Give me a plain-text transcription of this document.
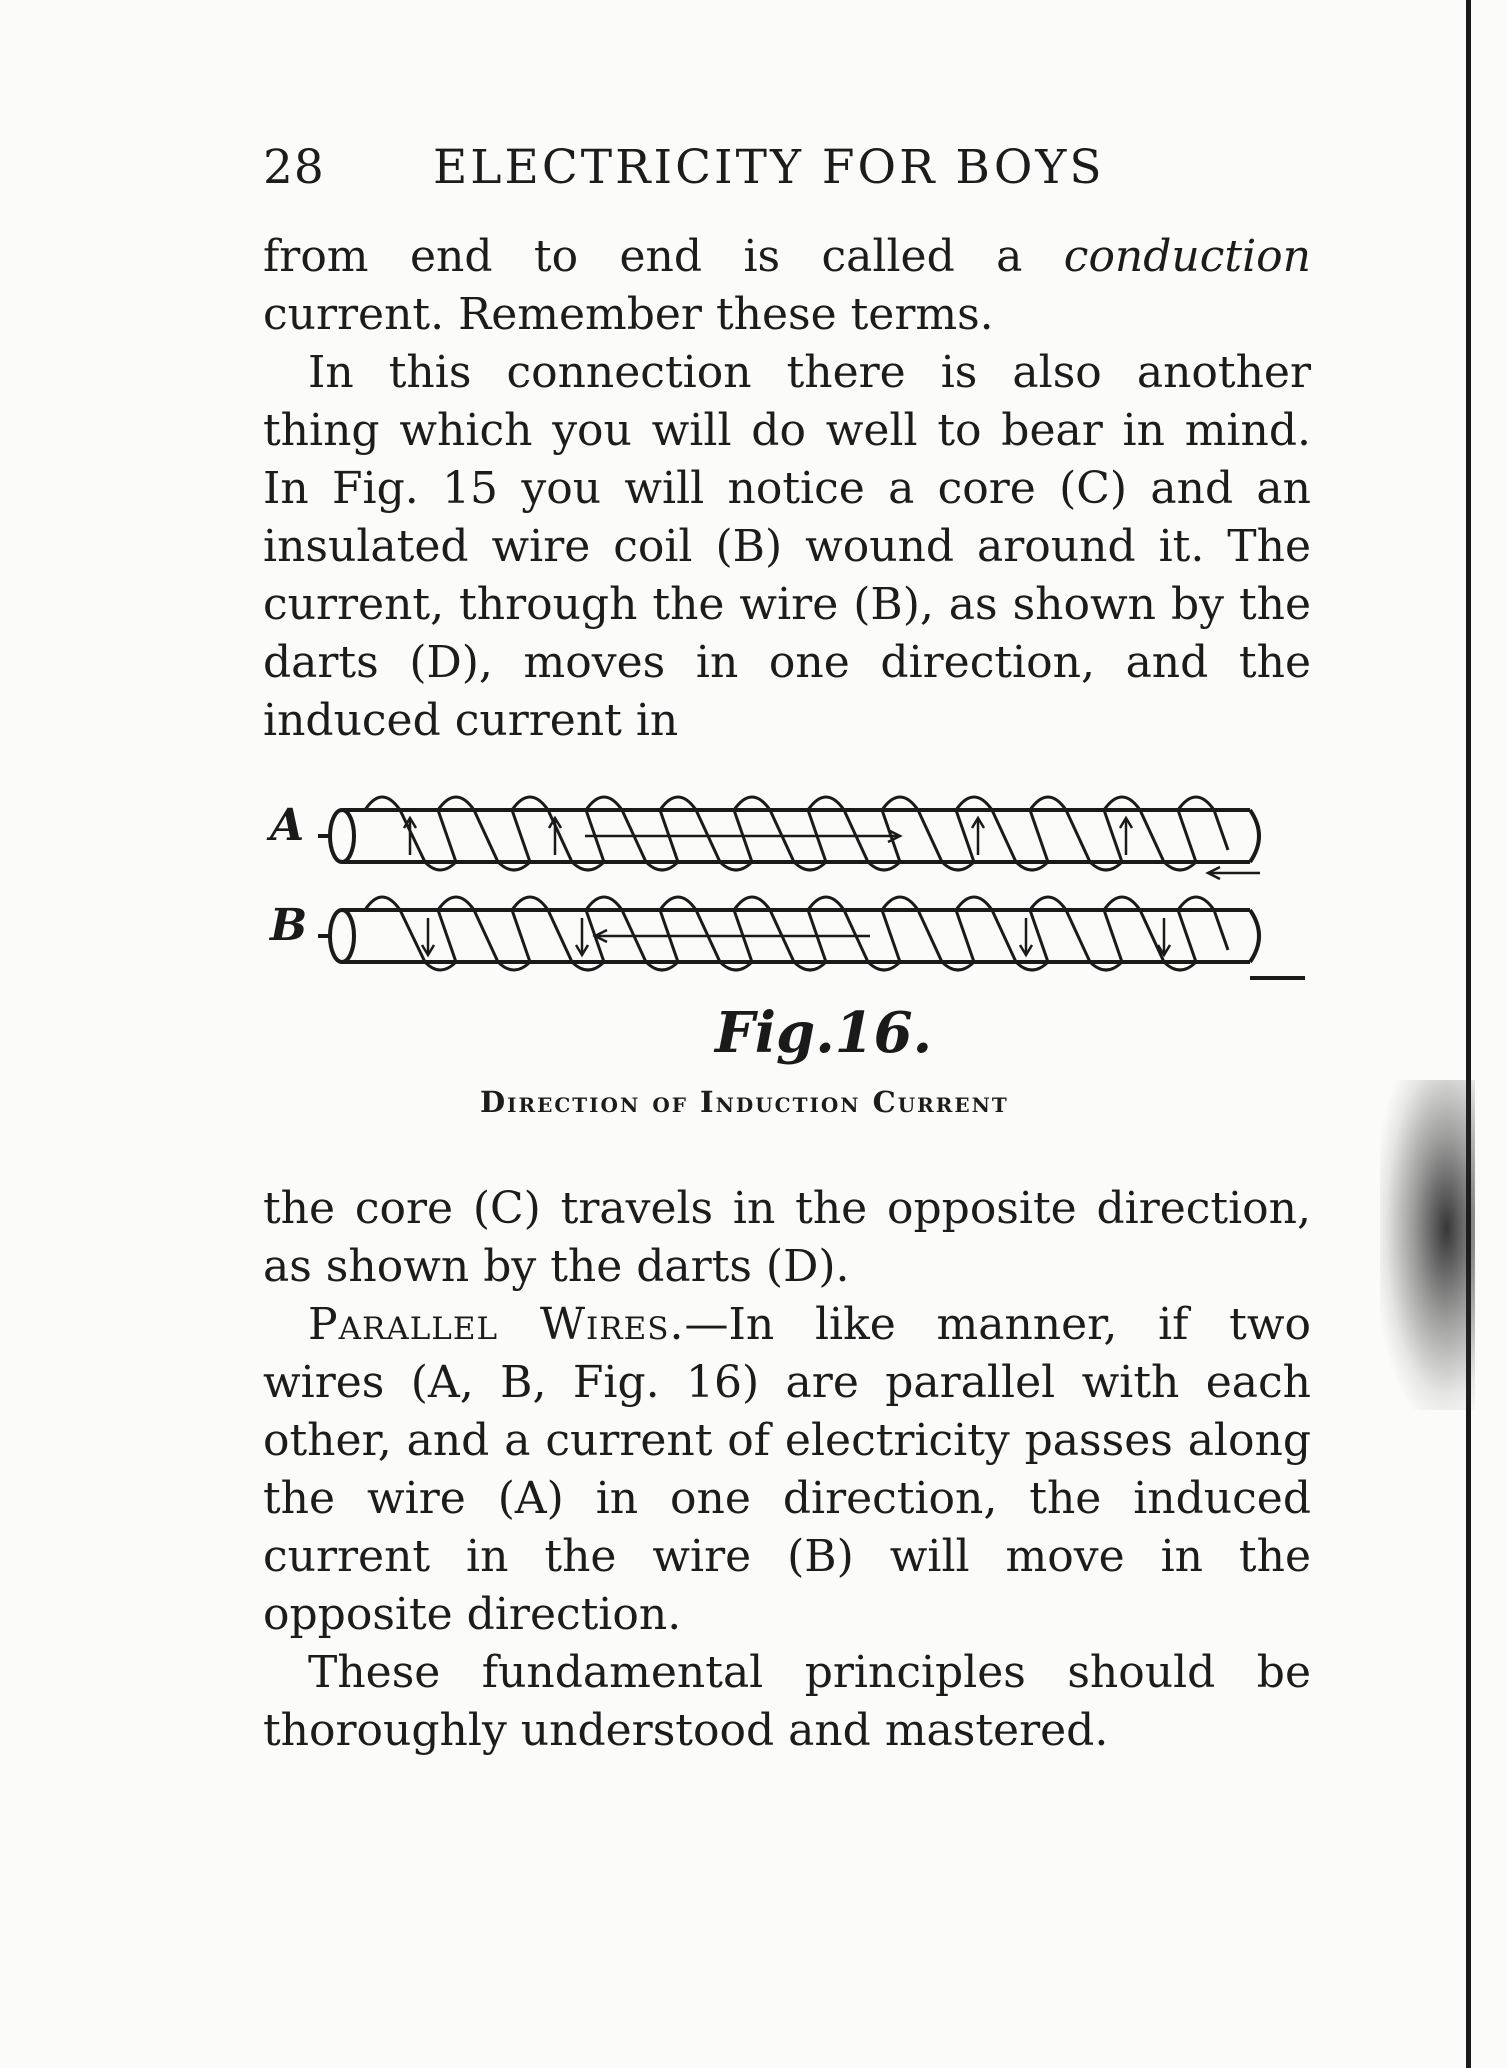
28 ELECTRICITY FOR BOYS

from end to end is called a conduction current. Remember these terms.

In this connection there is also another thing which you will do well to bear in mind. In Fig. 15 you will notice a core (C) and an insulated wire coil (B) wound around it. The current, through the wire (B), as shown by the darts (D), moves in one direction, and the induced current in

A
B
Fig.16.
Direction of Induction Current

the core (C) travels in the opposite direction, as shown by the darts (D).

Parallel Wires.—In like manner, if two wires (A, B, Fig. 16) are parallel with each other, and a current of electricity passes along the wire (A) in one direction, the induced current in the wire (B) will move in the opposite direction.

These fundamental principles should be thoroughly understood and mastered.
